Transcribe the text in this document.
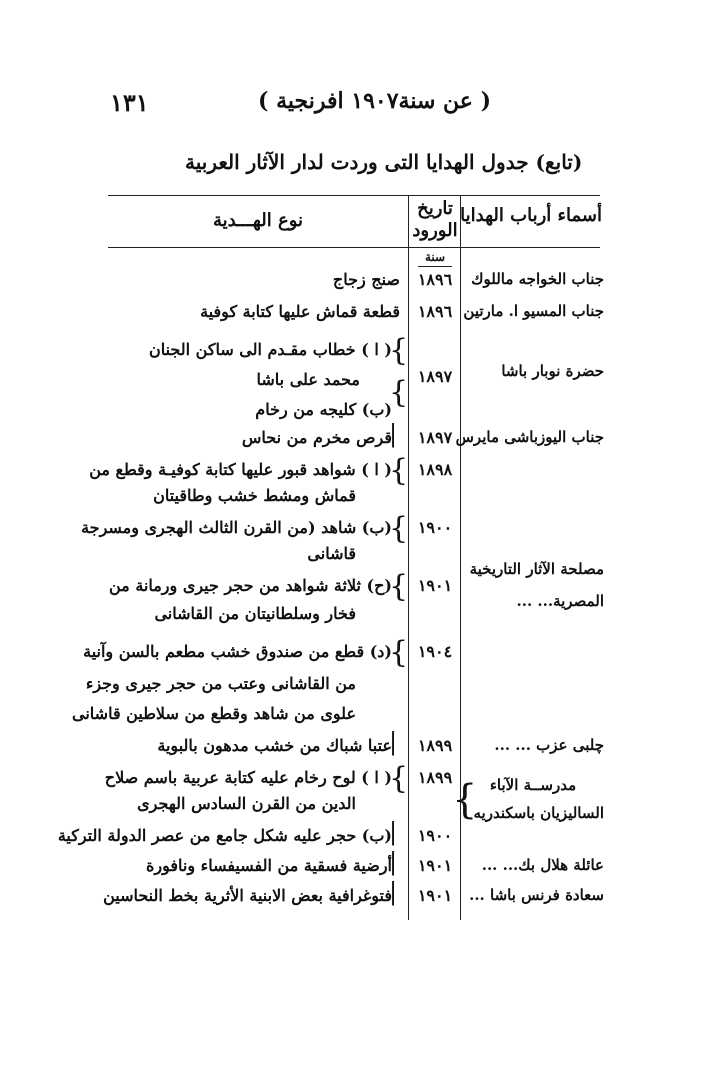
١٣١	( عن سنة١٩٠٧ افرنجية )
(تابع) جدول الهدايا التى وردت لدار الآثار العربية
أسماء أرباب الهدايا
تاريخ
الورود
نوع الهـــدية
سنة
جناب الخواجه ماللوك
١٨٩٦
صنج زجاج
جناب المسيو ا. مارتين
١٨٩٦
قطعة قماش عليها كتابة كوفية
حضرة نوبار باشا
١٨٩٧
{
{
( ا ) خطاب مقـدم الى ساكن الجنان
محمد على باشا
(ب) كليجه من رخام
جناب اليوزباشى مايرس
١٨٩٧
|
قرص مخرم من نحاس
مصلحة الآثار التاريخية
المصرية... ...
١٨٩٨
{
( ا ) شواهد قبور عليها كتابة كوفيـة وقطع من
قماش ومشط خشب وطاقيتان
١٩٠٠
{
(ب) شاهد (من القرن الثالث الهجرى ومسرجة
قاشانى
١٩٠١
{
(ح) ثلاثة شواهد من حجر جيرى ورمانة من
فخار وسلطانيتان من القاشانى
١٩٠٤
{
(د) قطع من صندوق خشب مطعم بالسن وآنية
من القاشانى وعتب من حجر جيرى وجزء
علوى من شاهد وقطع من سلاطين قاشانى
چلبى عزب ... ...
١٨٩٩
|
عتبا شباك من خشب مدهون بالبوية
مدرســة الآباء
الساليزيان باسكندريه
{
١٨٩٩
{
( ا ) لوح رخام عليه كتابة عربية باسم صلاح
الدين من القرن السادس الهجرى
١٩٠٠
|
(ب) حجر عليه شكل جامع من عصر الدولة التركية
عائلة هلال بك... ...
١٩٠١
|
أرضية فسقية من الفسيفساء ونافورة
سعادة فرنس باشا ...
١٩٠١
|
فتوغرافية بعض الابنية الأثرية بخط النحاسين
